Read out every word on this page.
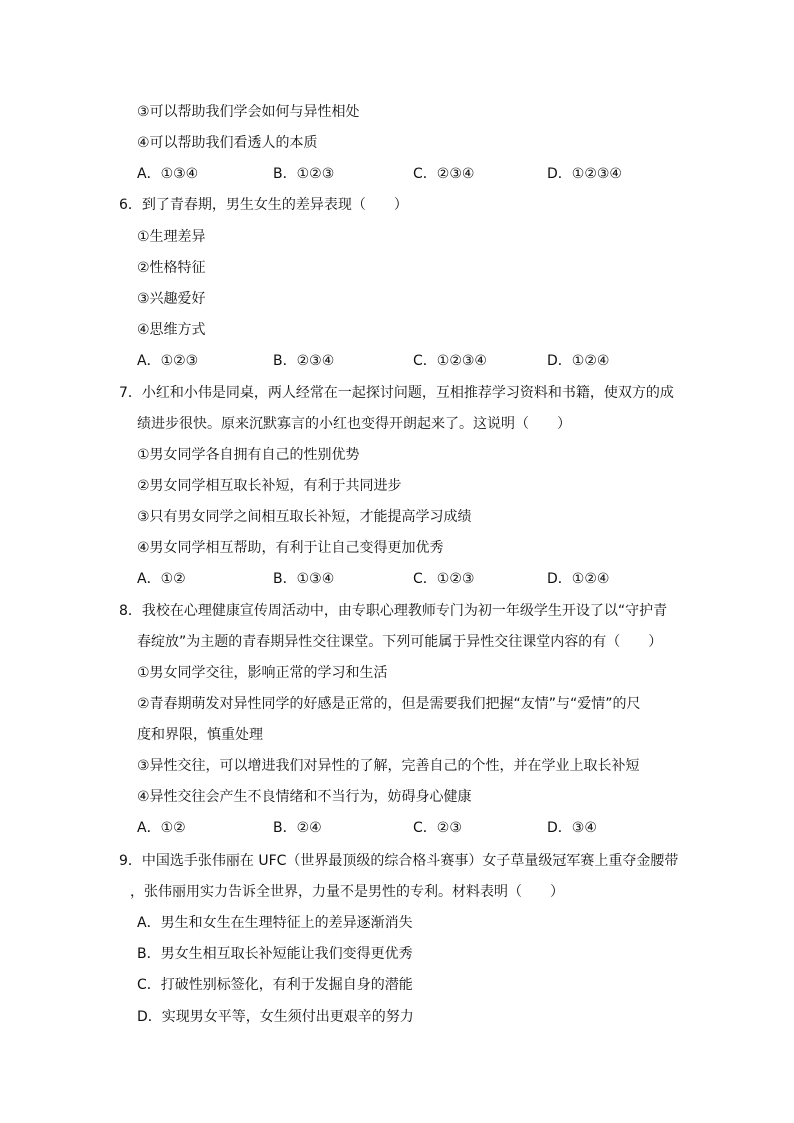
③可以帮助我们学会如何与异性相处
④可以帮助我们看透人的本质
A．①③④	B．①②③	C．②③④	D．①②③④
6．到了青春期，男生女生的差异表现（　　）
①生理差异
②性格特征
③兴趣爱好
④思维方式
A．①②③	B．②③④	C．①②③④	D．①②④
7．小红和小伟是同桌，两人经常在一起探讨问题，互相推荐学习资料和书籍，使双方的成
绩进步很快。原来沉默寡言的小红也变得开朗起来了。这说明（　　）
①男女同学各自拥有自己的性别优势
②男女同学相互取长补短，有利于共同进步
③只有男女同学之间相互取长补短，才能提高学习成绩
④男女同学相互帮助，有利于让自己变得更加优秀
A．①②	B．①③④	C．①②③	D．①②④
8．我校在心理健康宣传周活动中，由专职心理教师专门为初一年级学生开设了以“守护青
春绽放”为主题的青春期异性交往课堂。下列可能属于异性交往课堂内容的有（　　）
①男女同学交往，影响正常的学习和生活
②青春期萌发对异性同学的好感是正常的，但是需要我们把握“友情”与“爱情”的尺
度和界限，慎重处理
③异性交往，可以增进我们对异性的了解，完善自己的个性，并在学业上取长补短
④异性交往会产生不良情绪和不当行为，妨碍身心健康
A．①②	B．②④	C．②③	D．③④
9．中国选手张伟丽在 UFC（世界最顶级的综合格斗赛事）女子草量级冠军赛上重夺金腰带
，张伟丽用实力告诉全世界，力量不是男性的专利。材料表明（　　）
A．男生和女生在生理特征上的差异逐渐消失
B．男女生相互取长补短能让我们变得更优秀
C．打破性别标签化，有利于发掘自身的潜能
D．实现男女平等，女生须付出更艰辛的努力
